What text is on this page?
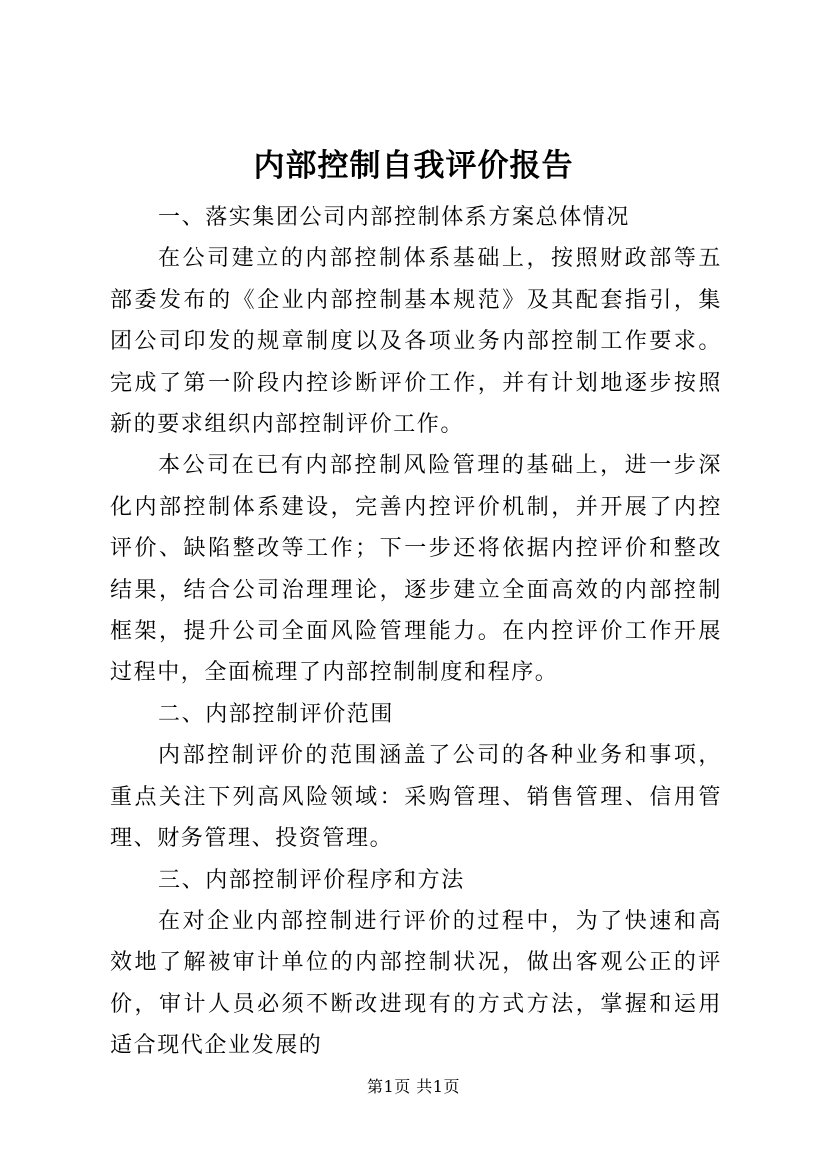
内部控制自我评价报告

一、落实集团公司内部控制体系方案总体情况

在公司建立的内部控制体系基础上，按照财政部等五部委发布的《企业内部控制基本规范》及其配套指引，集团公司印发的规章制度以及各项业务内部控制工作要求。完成了第一阶段内控诊断评价工作，并有计划地逐步按照新的要求组织内部控制评价工作。

本公司在已有内部控制风险管理的基础上，进一步深化内部控制体系建设，完善内控评价机制，并开展了内控评价、缺陷整改等工作；下一步还将依据内控评价和整改结果，结合公司治理理论，逐步建立全面高效的内部控制框架，提升公司全面风险管理能力。在内控评价工作开展过程中，全面梳理了内部控制制度和程序。

二、内部控制评价范围

内部控制评价的范围涵盖了公司的各种业务和事项，重点关注下列高风险领域：采购管理、销售管理、信用管理、财务管理、投资管理。

三、内部控制评价程序和方法

在对企业内部控制进行评价的过程中，为了快速和高效地了解被审计单位的内部控制状况，做出客观公正的评价，审计人员必须不断改进现有的方式方法，掌握和运用适合现代企业发展的

第1页 共1页
